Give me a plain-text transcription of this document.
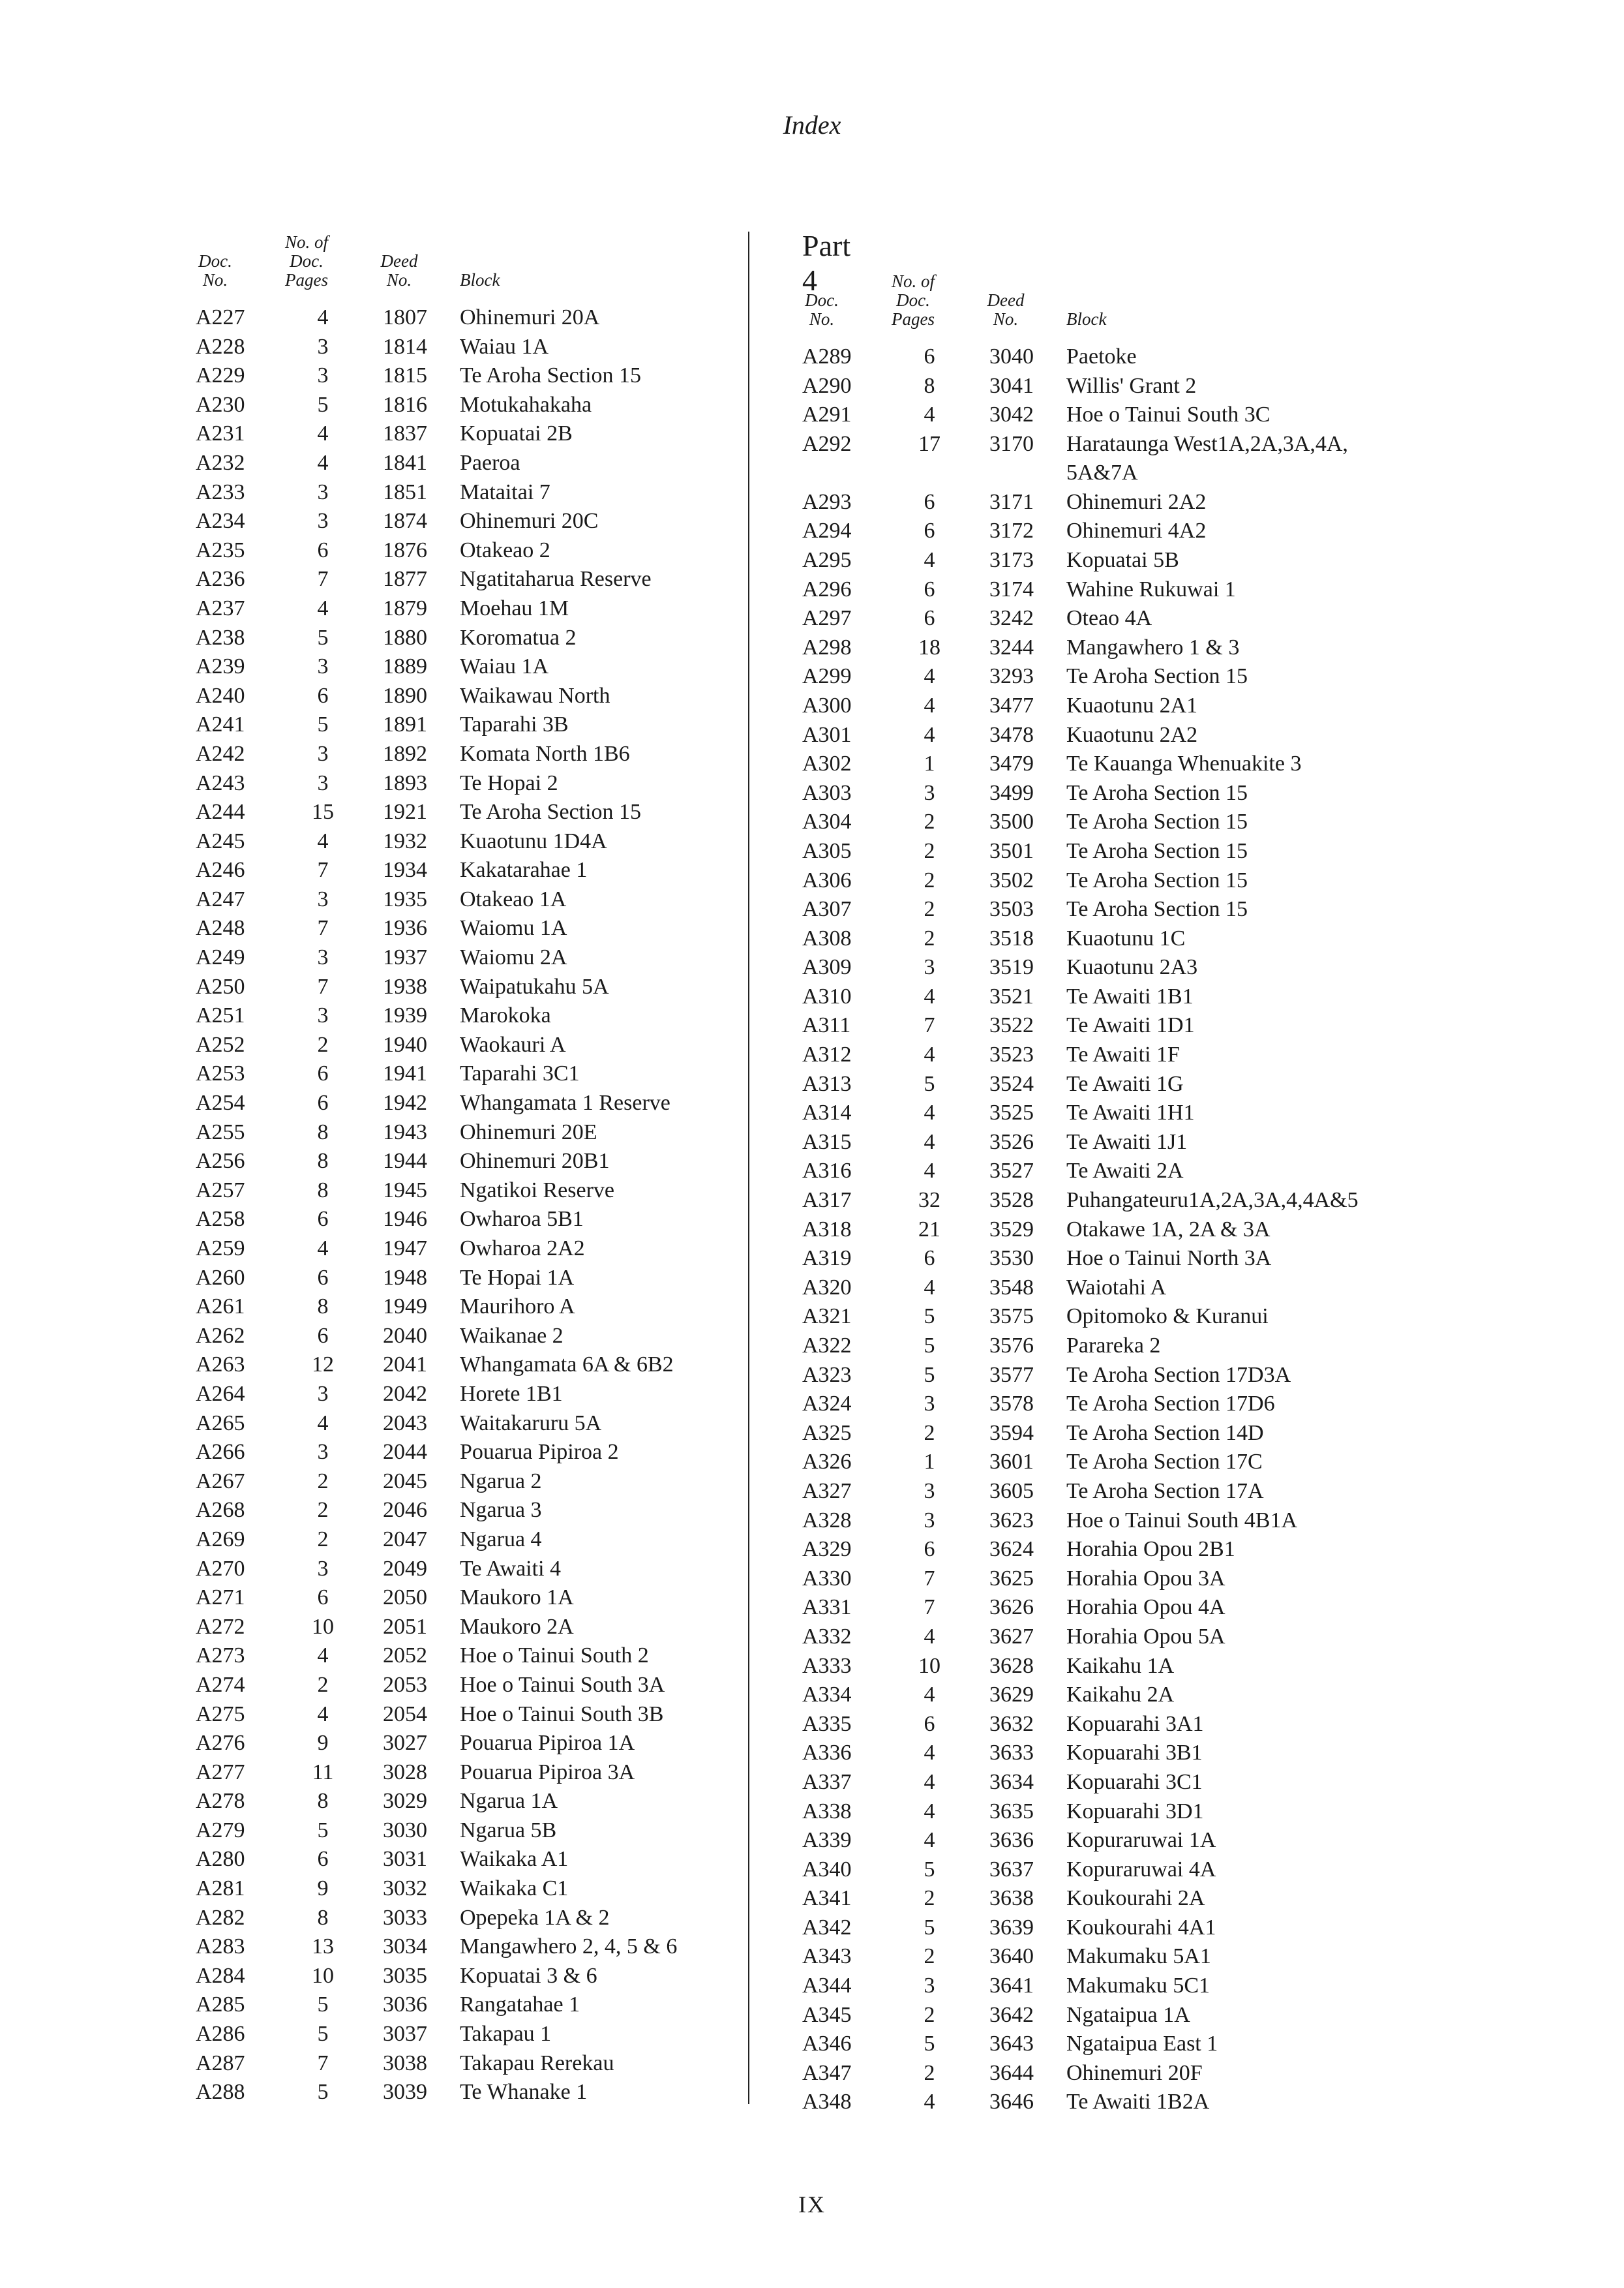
Index
Doc.
No.
No. of
Doc.
Pages
Deed
No.	Block
A227	4	1807 Ohinemuri 20A
A228	3	1814 Waiau 1A
A229	3	1815 Te Aroha Section 15
A230	5	1816 Motukahakaha
A231	4	1837 Kopuatai 2B
A232	4	1841 Paeroa
A233	3	1851 Mataitai 7
A234	3	1874 Ohinemuri 20C
A235	6	1876 Otakeao 2
A236	7	1877 Ngatitaharua Reserve
A237	4	1879 Moehau 1M
A238	5	1880 Koromatua 2
A239	3	1889 Waiau 1A
A240	6	1890 Waikawau North
A241	5	1891 Taparahi 3B
A242	3	1892 Komata North 1B6
A243	3	1893 Te Hopai 2
A244	15	1921 Te Aroha Section 15
A245	4	1932 Kuaotunu 1D4A
A246	7	1934 Kakatarahae 1
A247	3	1935 Otakeao 1A
A248	7	1936 Waiomu 1A
A249	3	1937 Waiomu 2A
A250	7	1938 Waipatukahu 5A
A251	3	1939 Marokoka
A252	2	1940 Waokauri A
A253	6	1941 Taparahi 3C1
A254	6	1942 Whangamata 1 Reserve
A255	8	1943 Ohinemuri 20E
A256	8	1944 Ohinemuri 20B1
A257	8	1945 Ngatikoi Reserve
A258	6	1946 Owharoa 5B1
A259	4	1947 Owharoa 2A2
A260	6	1948 Te Hopai 1A
A261	8	1949 Maurihoro A
A262	6	2040 Waikanae 2
A263	12	2041 Whangamata 6A & 6B2
A264	3	2042 Horete 1B1
A265	4	2043 Waitakaruru 5A
A266	3	2044 Pouarua Pipiroa 2
A267	2	2045 Ngarua 2
A268	2	2046 Ngarua 3
A269	2	2047 Ngarua 4
A270	3	2049 Te Awaiti 4
A271	6	2050 Maukoro 1A
A272	10	2051 Maukoro 2A
A273	4	2052 Hoe o Tainui South 2
A274	2	2053 Hoe o Tainui South 3A
A275	4	2054 Hoe o Tainui South 3B
A276	9	3027 Pouarua Pipiroa 1A
A277	11	3028 Pouarua Pipiroa 3A
A278	8	3029 Ngarua 1A
A279	5	3030 Ngarua 5B
A280	6	3031 Waikaka A1
A281	9	3032 Waikaka C1
A282	8	3033 Opepeka 1A & 2
A283	13	3034 Mangawhero 2, 4, 5 & 6
A284	10	3035 Kopuatai 3 & 6
A285	5	3036 Rangatahae 1
A286	5	3037 Takapau 1
A287	7	3038 Takapau Rerekau
A288	5	3039 Te Whanake 1
Part 4
Doc.
No.
No. of
Doc.
Pages
Deed
No.	Block
A289	6	3040 Paetoke
A290	8	3041 Willis' Grant 2
A291	4	3042 Hoe o Tainui South 3C
A292	17	3170 Harataunga West1A,2A,3A,4A, 5A&7A
A293	6	3171 Ohinemuri 2A2
A294	6	3172 Ohinemuri 4A2
A295	4	3173 Kopuatai 5B
A296	6	3174 Wahine Rukuwai 1
A297	6	3242 Oteao 4A
A298	18	3244 Mangawhero 1 & 3
A299	4	3293 Te Aroha Section 15
A300	4	3477 Kuaotunu 2A1
A301	4	3478 Kuaotunu 2A2
A302	1	3479 Te Kauanga Whenuakite 3
A303	3	3499 Te Aroha Section 15
A304	2	3500 Te Aroha Section 15
A305	2	3501 Te Aroha Section 15
A306	2	3502 Te Aroha Section 15
A307	2	3503 Te Aroha Section 15
A308	2	3518 Kuaotunu 1C
A309	3	3519 Kuaotunu 2A3
A310	4	3521 Te Awaiti 1B1
A311	7	3522 Te Awaiti 1D1
A312	4	3523 Te Awaiti 1F
A313	5	3524 Te Awaiti 1G
A314	4	3525 Te Awaiti 1H1
A315	4	3526 Te Awaiti 1J1
A316	4	3527 Te Awaiti 2A
A317	32	3528 Puhangateuru1A,2A,3A,4,4A&5
A318	21	3529 Otakawe 1A, 2A & 3A
A319	6	3530 Hoe o Tainui North 3A
A320	4	3548 Waiotahi A
A321	5	3575 Opitomoko & Kuranui
A322	5	3576 Parareka 2
A323	5	3577 Te Aroha Section 17D3A
A324	3	3578 Te Aroha Section 17D6
A325	2	3594 Te Aroha Section 14D
A326	1	3601 Te Aroha Section 17C
A327	3	3605 Te Aroha Section 17A
A328	3	3623 Hoe o Tainui South 4B1A
A329	6	3624 Horahia Opou 2B1
A330	7	3625 Horahia Opou 3A
A331	7	3626 Horahia Opou 4A
A332	4	3627 Horahia Opou 5A
A333	10	3628 Kaikahu 1A
A334	4	3629 Kaikahu 2A
A335	6	3632 Kopuarahi 3A1
A336	4	3633 Kopuarahi 3B1
A337	4	3634 Kopuarahi 3C1
A338	4	3635 Kopuarahi 3D1
A339	4	3636 Kopuraruwai 1A
A340	5	3637 Kopuraruwai 4A
A341	2	3638 Koukourahi 2A
A342	5	3639 Koukourahi 4A1
A343	2	3640 Makumaku 5A1
A344	3	3641 Makumaku 5C1
A345	2	3642 Ngataipua 1A
A346	5	3643 Ngataipua East 1
A347	2	3644 Ohinemuri 20F
A348	4	3646 Te Awaiti 1B2A
IX
